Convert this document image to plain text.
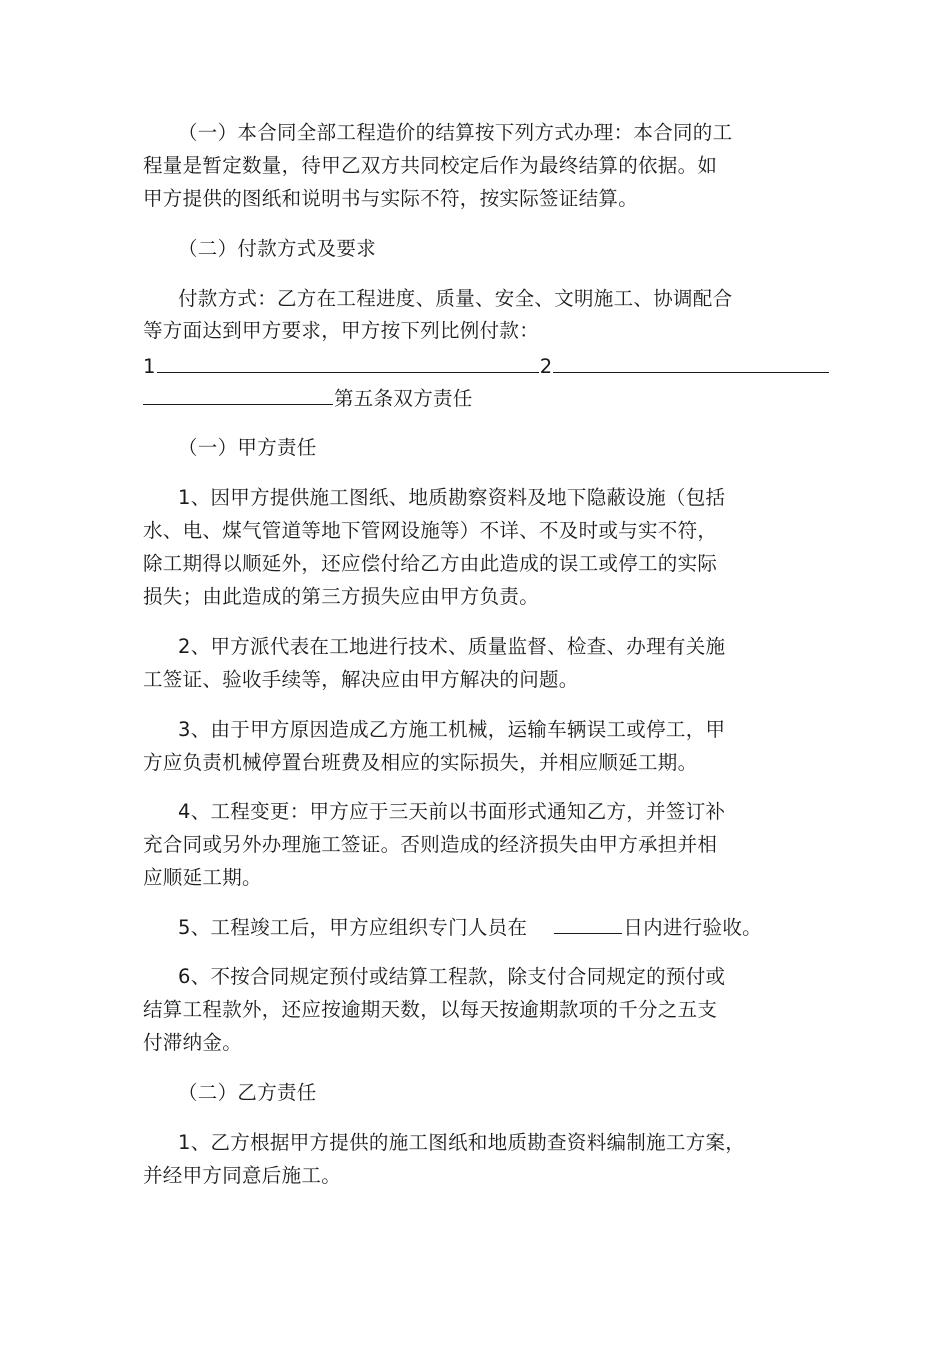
（一）本合同全部工程造价的结算按下列方式办理：本合同的工
程量是暂定数量，待甲乙双方共同校定后作为最终结算的依据。如
甲方提供的图纸和说明书与实际不符，按实际签证结算。
（二）付款方式及要求
付款方式：乙方在工程进度、质量、安全、文明施工、协调配合
等方面达到甲方要求，甲方按下列比例付款：
1	2
第五条双方责任
（一）甲方责任
1、因甲方提供施工图纸、地质勘察资料及地下隐蔽设施（包括
水、电、煤气管道等地下管网设施等）不详、不及时或与实不符，
除工期得以顺延外，还应偿付给乙方由此造成的误工或停工的实际
损失；由此造成的第三方损失应由甲方负责。
2、甲方派代表在工地进行技术、质量监督、检查、办理有关施
工签证、验收手续等，解决应由甲方解决的问题。
3、由于甲方原因造成乙方施工机械，运输车辆误工或停工，甲
方应负责机械停置台班费及相应的实际损失，并相应顺延工期。
4、工程变更：甲方应于三天前以书面形式通知乙方，并签订补
充合同或另外办理施工签证。否则造成的经济损失由甲方承担并相
应顺延工期。
5、工程竣工后，甲方应组织专门人员在	日内进行验收。
6、不按合同规定预付或结算工程款，除支付合同规定的预付或
结算工程款外，还应按逾期天数，以每天按逾期款项的千分之五支
付滞纳金。
（二）乙方责任
1、乙方根据甲方提供的施工图纸和地质勘查资料编制施工方案，
并经甲方同意后施工。
